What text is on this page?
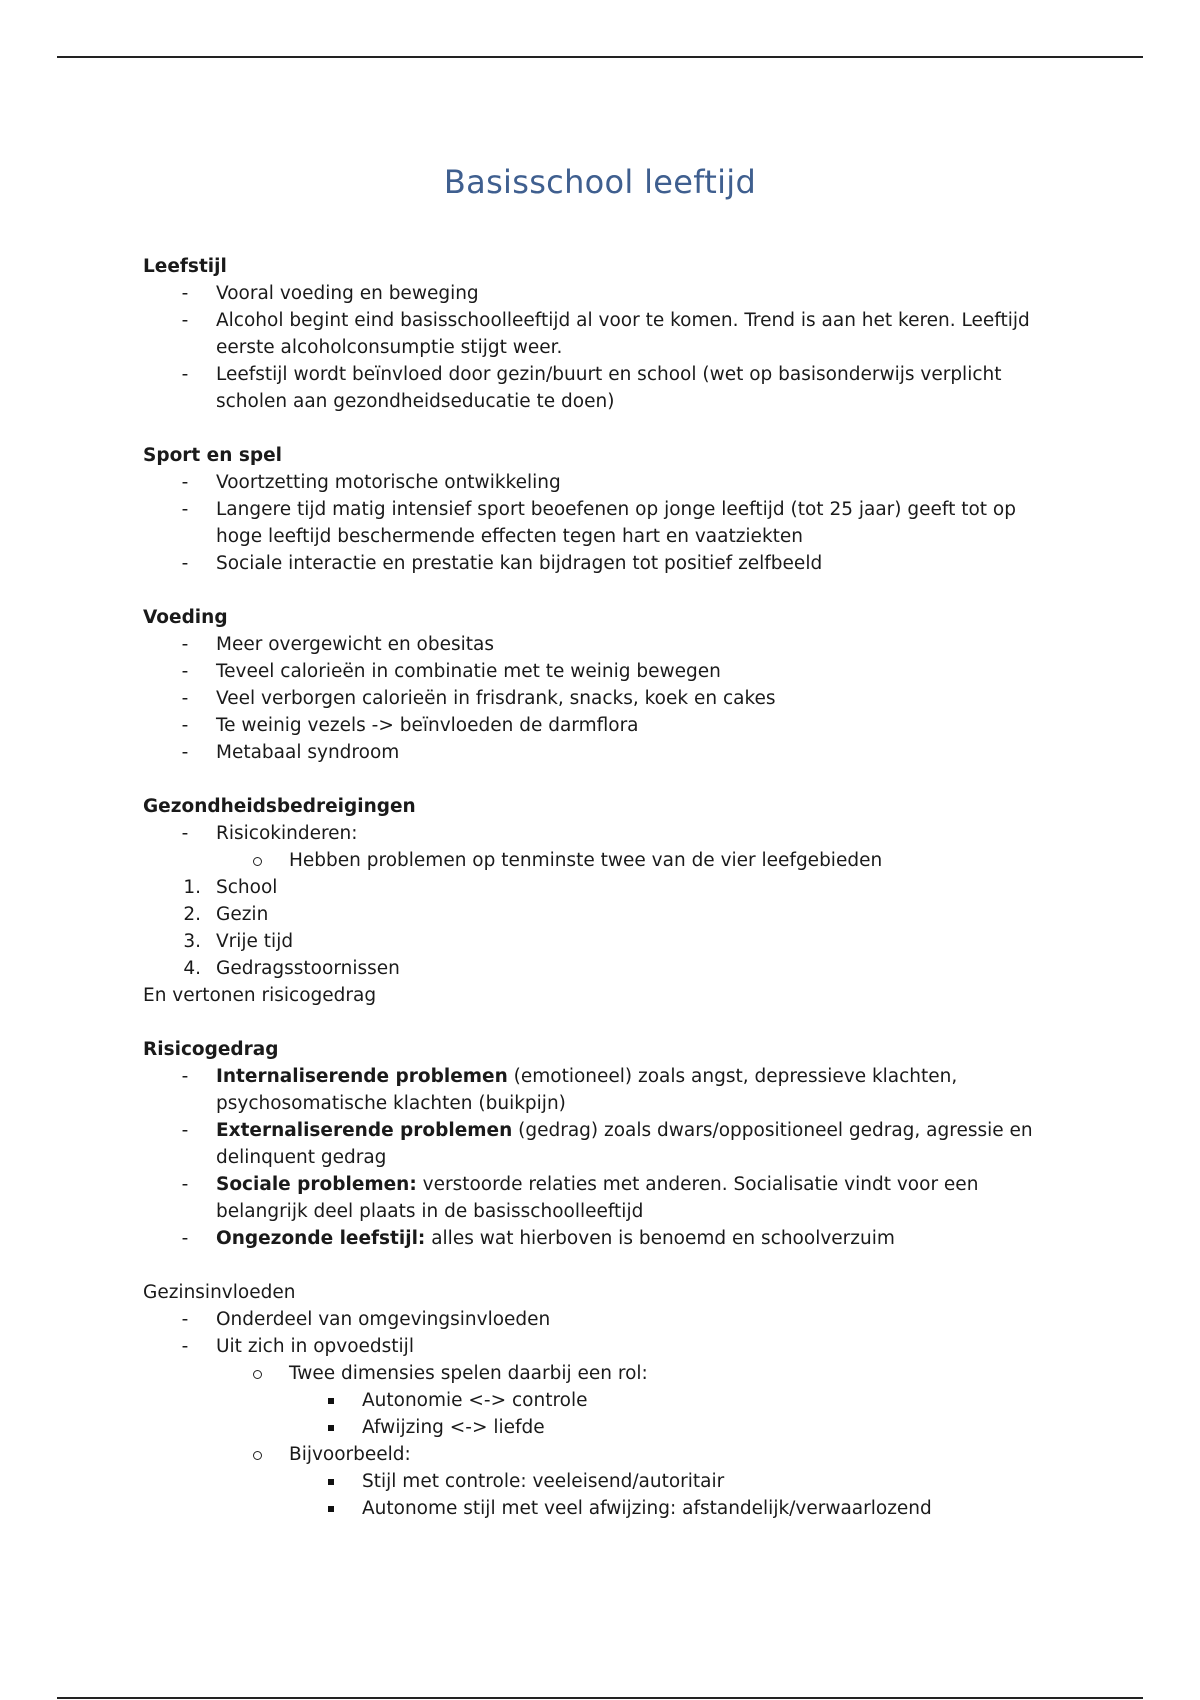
Basisschool leeftijd
Leefstijl
-	Vooral voeding en beweging
-	Alcohol begint eind basisschoolleeftijd al voor te komen. Trend is aan het keren. Leeftijd eerste alcoholconsumptie stijgt weer.
-	Leefstijl wordt beïnvloed door gezin/buurt en school (wet op basisonderwijs verplicht scholen aan gezondheidseducatie te doen)
Sport en spel
-	Voortzetting motorische ontwikkeling
-	Langere tijd matig intensief sport beoefenen op jonge leeftijd (tot 25 jaar) geeft tot op hoge leeftijd beschermende effecten tegen hart en vaatziekten
-	Sociale interactie en prestatie kan bijdragen tot positief zelfbeeld
Voeding
-	Meer overgewicht en obesitas
-	Teveel calorieën in combinatie met te weinig bewegen
-	Veel verborgen calorieën in frisdrank, snacks, koek en cakes
-	Te weinig vezels -> beïnvloeden de darmflora
-	Metabaal syndroom
Gezondheidsbedreigingen
-	Risicokinderen:
Hebben problemen op tenminste twee van de vier leefgebieden
1. School
2. Gezin
3. Vrije tijd
4. Gedragsstoornissen
En vertonen risicogedrag
Risicogedrag
-	Internaliserende problemen (emotioneel) zoals angst, depressieve klachten, psychosomatische klachten (buikpijn)
-	Externaliserende problemen (gedrag) zoals dwars/oppositioneel gedrag, agressie en delinquent gedrag
-	Sociale problemen: verstoorde relaties met anderen. Socialisatie vindt voor een belangrijk deel plaats in de basisschoolleeftijd
-	Ongezonde leefstijl: alles wat hierboven is benoemd en schoolverzuim
Gezinsinvloeden
-	Onderdeel van omgevingsinvloeden
-	Uit zich in opvoedstijl
Twee dimensies spelen daarbij een rol:
Autonomie <-> controle
Afwijzing <-> liefde
Bijvoorbeeld:
Stijl met controle: veeleisend/autoritair
Autonome stijl met veel afwijzing: afstandelijk/verwaarlozend
